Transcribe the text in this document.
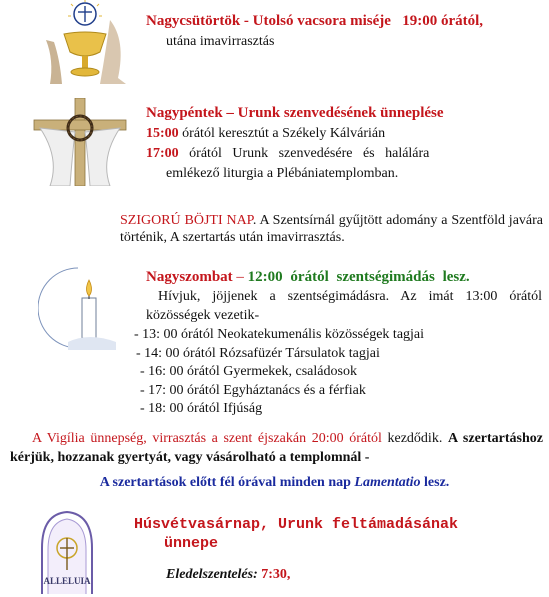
Nagycsütörtök - Utolsó vacsora miséje 19:00 órától,
utána imavirrasztás
Nagypéntek – Urunk szenvedésének ünneplése
15:00 órától keresztút a Székely Kálvárián
17:00 órától Urunk szenvedésére és halálára
emlékező liturgia a Plébániatemplomban.
SZIGORÚ BÖJTI NAP. A Szentsírnál gyűjtött adomány a Szentföld javára történik, A szertartás után imavirrasztás.
Nagyszombat – 12:00 órától szentségimádás lesz.
Hívjuk, jöjjenek a szentségimádásra. Az imát 13:00 órától közösségek vezetik-
- 13: 00 órától Neokatekumenális közösségek tagjai
- 14: 00 órától Rózsafüzér Társulatok tagjai
- 16: 00 órától Gyermekek, családosok
- 17: 00 órától Egyháztanács és a férfiak
- 18: 00 órától Ifjúság
A Vigília ünnepség, virrasztás a szent éjszakán 20:00 órától kezdődik. A szertartáshoz kérjük, hozzanak gyertyát, vagy vásárolható a templomnál -
A szertartások előtt fél órával minden nap Lamentatio lesz.
ALLELUIA
Húsvétvasárnap, Urunk feltámadásának
ünnepe
Eledelszentelés: 7:30,
